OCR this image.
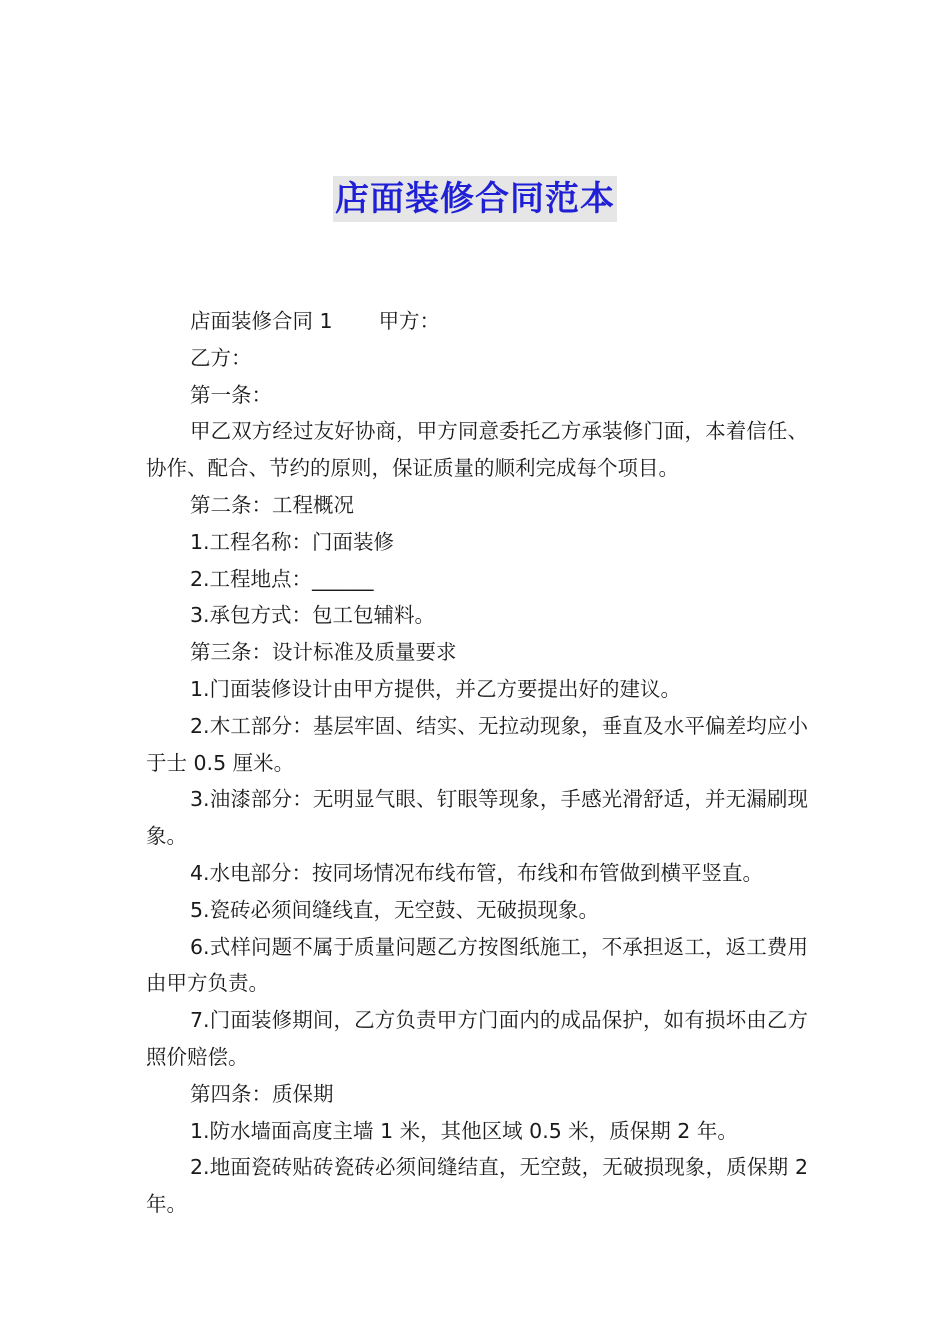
店面装修合同范本

店面装修合同 1 甲方：

乙方：

第一条：

甲乙双方经过友好协商，甲方同意委托乙方承装修门面，本着信任、协作、配合、节约的原则，保证质量的顺利完成每个项目。

第二条：工程概况

1.工程名称：门面装修

2.工程地点：______

3.承包方式：包工包辅料。

第三条：设计标准及质量要求

1.门面装修设计由甲方提供，并乙方要提出好的建议。

2.木工部分：基层牢固、结实、无拉动现象，垂直及水平偏差均应小于士 0.5 厘米。

3.油漆部分：无明显气眼、钉眼等现象，手感光滑舒适，并无漏刷现象。

4.水电部分：按同场情况布线布管，布线和布管做到横平竖直。

5.瓷砖必须间缝线直，无空鼓、无破损现象。

6.式样问题不属于质量问题乙方按图纸施工，不承担返工，返工费用由甲方负责。

7.门面装修期间，乙方负责甲方门面内的成品保护，如有损坏由乙方照价赔偿。

第四条：质保期

1.防水墙面高度主墙 1 米，其他区域 0.5 米，质保期 2 年。

2.地面瓷砖贴砖瓷砖必须间缝结直，无空鼓，无破损现象，质保期 2 年。
